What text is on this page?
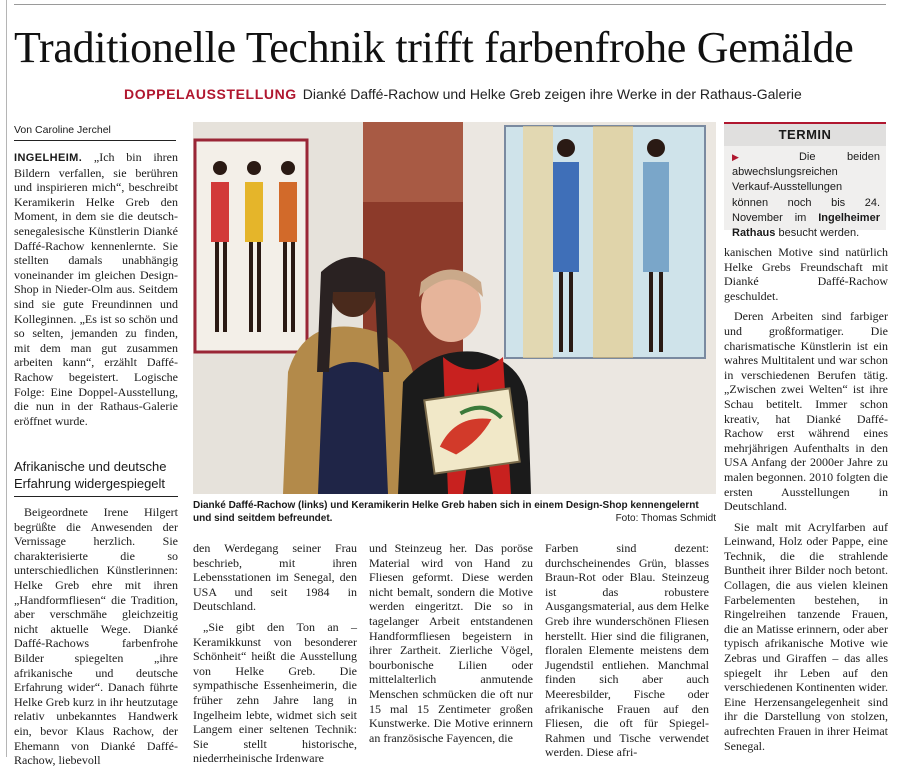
Traditionelle Technik trifft farbenfrohe Gemälde
DOPPELAUSSTELLUNG Dianké Daffé-Rachow und Helke Greb zeigen ihre Werke in der Rathaus-Galerie
Von Caroline Jerchel

INGELHEIM. „Ich bin ihren Bildern verfallen, sie berühren und inspirieren mich“, beschreibt Keramikerin Helke Greb den Moment, in dem sie die deutsch-senegalesische Künstlerin Dianké Daffé-Rachow kennenlernte. Sie stellten damals unabhängig voneinander im gleichen Design-Shop in Nieder-Olm aus. Seitdem sind sie gute Freundinnen und Kolleginnen. „Es ist so schön und so selten, jemanden zu finden, mit dem man gut zusammen arbeiten kann“, erzählt Daffé-Rachow begeistert. Logische Folge: Eine Doppel-Ausstellung, die nun in der Rathaus-Galerie eröffnet wurde.

Afrikanische und deutsche Erfahrung widergespiegelt

Beigeordnete Irene Hilgert begrüßte die Anwesenden der Vernissage herzlich. Sie charakterisierte die so unterschiedlichen Künstlerinnen: Helke Greb ehre mit ihren „Handformfliesen“ die Tradition, aber verschmähe gleichzeitig nicht aktuelle Wege. Dianké Daffé-Rachows farbenfrohe Bilder spiegelten „ihre afrikanische und deutsche Erfahrung wider“. Danach führte Helke Greb kurz in ihr heutzutage relativ unbekanntes Handwerk ein, bevor Klaus Rachow, der Ehemann von Dianké Daffé-Rachow, liebevoll

Dianké Daffé-Rachow (links) und Keramikerin Helke Greb haben sich in einem Design-Shop kennengelernt und sind seitdem befreundet.	Foto: Thomas Schmidt

den Werdegang seiner Frau beschrieb, mit ihren Lebensstationen im Senegal, den USA und seit 1984 in Deutschland.

„Sie gibt den Ton an – Keramikkunst von besonderer Schönheit“ heißt die Ausstellung von Helke Greb. Die sympathische Essenheimerin, die früher zehn Jahre lang in Ingelheim lebte, widmet sich seit Langem einer seltenen Technik: Sie stellt historische, niederrheinische Irdenware

und Steinzeug her. Das poröse Material wird von Hand zu Fliesen geformt. Diese werden nicht bemalt, sondern die Motive werden eingeritzt. Die so in tagelanger Arbeit entstandenen Handformfliesen begeistern in ihrer Zartheit. Zierliche Vögel, bourbonische Lilien oder mittelalterlich anmutende Menschen schmücken die oft nur 15 mal 15 Zentimeter großen Kunstwerke. Die Motive erinnern an französische Fayencen, die

Farben sind dezent: durchscheinendes Grün, blasses Braun-Rot oder Blau. Steinzeug ist das robustere Ausgangsmaterial, aus dem Helke Greb ihre wunderschönen Fliesen herstellt. Hier sind die filigranen, floralen Elemente meistens dem Jugendstil entliehen. Manchmal finden sich aber auch Meeresbilder, Fische oder afrikanische Frauen auf den Fliesen, die oft für Spiegel-Rahmen und Tische verwendet werden. Diese afri-

TERMIN
▶	Die beiden abwechslungsreichen Verkauf-Ausstellungen können noch bis 24. November im Ingelheimer Rathaus besucht werden.

kanischen Motive sind natürlich Helke Grebs Freundschaft mit Dianké Daffé-Rachow geschuldet.

Deren Arbeiten sind farbiger und großformatiger. Die charismatische Künstlerin ist ein wahres Multitalent und war schon in verschiedenen Berufen tätig. „Zwischen zwei Welten“ ist ihre Schau betitelt. Immer schon kreativ, hat Dianké Daffé-Rachow erst während eines mehrjährigen Aufenthalts in den USA Anfang der 2000er Jahre zu malen begonnen. 2010 folgten die ersten Ausstellungen in Deutschland.

Sie malt mit Acrylfarben auf Leinwand, Holz oder Pappe, eine Technik, die die strahlende Buntheit ihrer Bilder noch betont. Collagen, die aus vielen kleinen Farbelementen bestehen, in Ringelreihen tanzende Frauen, die an Matisse erinnern, oder aber typisch afrikanische Motive wie Zebras und Giraffen – das alles spiegelt ihr Leben auf den verschiedenen Kontinenten wider. Eine Herzensangelegenheit sind ihr die Darstellung von stolzen, aufrechten Frauen in ihrer Heimat Senegal.
